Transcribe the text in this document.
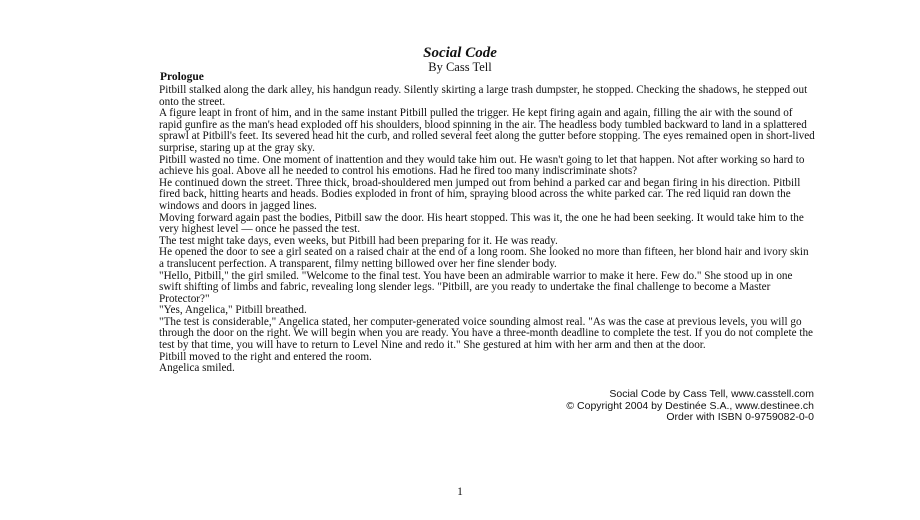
Social Code
By Cass Tell
Prologue

Pitbill stalked along the dark alley, his handgun ready. Silently skirting a large trash dumpster, he stopped. Checking the shadows, he stepped out onto the street.

A figure leapt in front of him, and in the same instant Pitbill pulled the trigger. He kept firing again and again, filling the air with the sound of rapid gunfire as the man's head exploded off his shoulders, blood spinning in the air. The headless body tumbled backward to land in a splattered sprawl at Pitbill's feet. Its severed head hit the curb, and rolled several feet along the gutter before stopping. The eyes remained open in short-lived surprise, staring up at the gray sky.

Pitbill wasted no time. One moment of inattention and they would take him out. He wasn't going to let that happen. Not after working so hard to achieve his goal. Above all he needed to control his emotions. Had he fired too many indiscriminate shots?

He continued down the street. Three thick, broad-shouldered men jumped out from behind a parked car and began firing in his direction. Pitbill fired back, hitting hearts and heads. Bodies exploded in front of him, spraying blood across the white parked car. The red liquid ran down the windows and doors in jagged lines.

Moving forward again past the bodies, Pitbill saw the door. His heart stopped. This was it, the one he had been seeking. It would take him to the very highest level — once he passed the test.

The test might take days, even weeks, but Pitbill had been preparing for it. He was ready.

He opened the door to see a girl seated on a raised chair at the end of a long room. She looked no more than fifteen, her blond hair and ivory skin a translucent perfection. A transparent, filmy netting billowed over her fine slender body.

"Hello, Pitbill," the girl smiled. "Welcome to the final test. You have been an admirable warrior to make it here. Few do." She stood up in one swift shifting of limbs and fabric, revealing long slender legs. "Pitbill, are you ready to undertake the final challenge to become a Master Protector?"

"Yes, Angelica," Pitbill breathed.

"The test is considerable," Angelica stated, her computer-generated voice sounding almost real. "As was the case at previous levels, you will go through the door on the right. We will begin when you are ready. You have a three-month deadline to complete the test. If you do not complete the test by that time, you will have to return to Level Nine and redo it." She gestured at him with her arm and then at the door.

Pitbill moved to the right and entered the room.

Angelica smiled.

Social Code by Cass Tell, www.casstell.com
© Copyright 2004 by Destinée S.A., www.destinee.ch
Order with ISBN 0-9759082-0-0
1
